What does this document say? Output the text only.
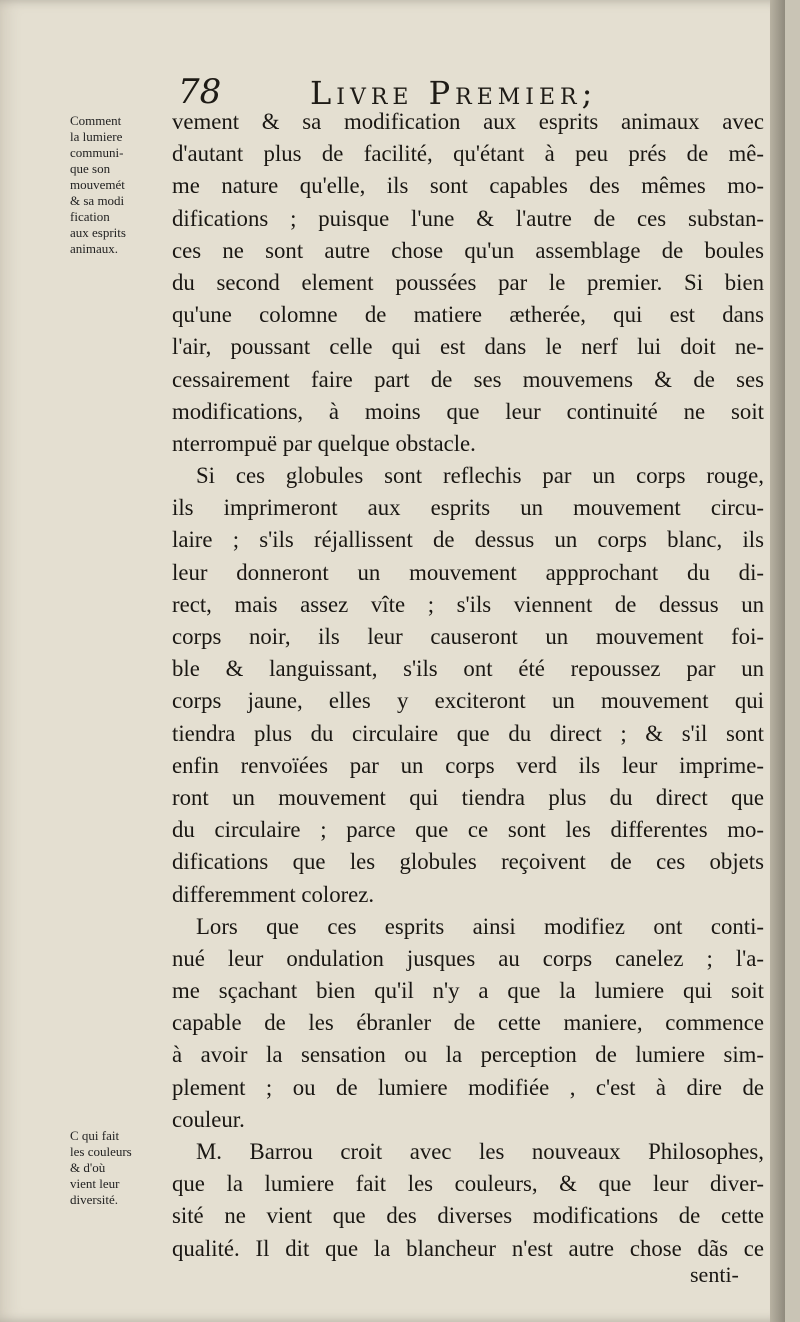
78	Livre Premier;
Comment
la lumiere
communi-
que son
mouvemét
& sa modi
fication
aux esprits
animaux.
C qui fait
les couleurs
& d'où
vient leur
diversité.
vement & sa modification aux esprits animaux avec
d'autant plus de facilité, qu'étant à peu prés de mê-
me nature qu'elle, ils sont capables des mêmes mo-
difications ; puisque l'une & l'autre de ces substan-
ces ne sont autre chose qu'un assemblage de boules
du second element poussées par le premier. Si bien
qu'une colomne de matiere ætherée, qui est dans
l'air, poussant celle qui est dans le nerf lui doit ne-
cessairement faire part de ses mouvemens & de ses
modifications, à moins que leur continuité ne soit
nterrompuë par quelque obstacle.
Si ces globules sont reflechis par un corps rouge,
ils imprimeront aux esprits un mouvement circu-
laire ; s'ils réjallissent de dessus un corps blanc, ils
leur donneront un mouvement appprochant du di-
rect, mais assez vîte ; s'ils viennent de dessus un
corps noir, ils leur causeront un mouvement foi-
ble & languissant, s'ils ont été repoussez par un
corps jaune, elles y exciteront un mouvement qui
tiendra plus du circulaire que du direct ; & s'il sont
enfin renvoïées par un corps verd ils leur imprime-
ront un mouvement qui tiendra plus du direct que
du circulaire ; parce que ce sont les differentes mo-
difications que les globules reçoivent de ces objets
differemment colorez.
Lors que ces esprits ainsi modifiez ont conti-
nué leur ondulation jusques au corps canelez ; l'a-
me sçachant bien qu'il n'y a que la lumiere qui soit
capable de les ébranler de cette maniere, commence
à avoir la sensation ou la perception de lumiere sim-
plement ; ou de lumiere modifiée , c'est à dire de
couleur.
M. Barrou croit avec les nouveaux Philosophes,
que la lumiere fait les couleurs, & que leur diver-
sité ne vient que des diverses modifications de cette
qualité. Il dit que la blancheur n'est autre chose dãs ce
senti-
